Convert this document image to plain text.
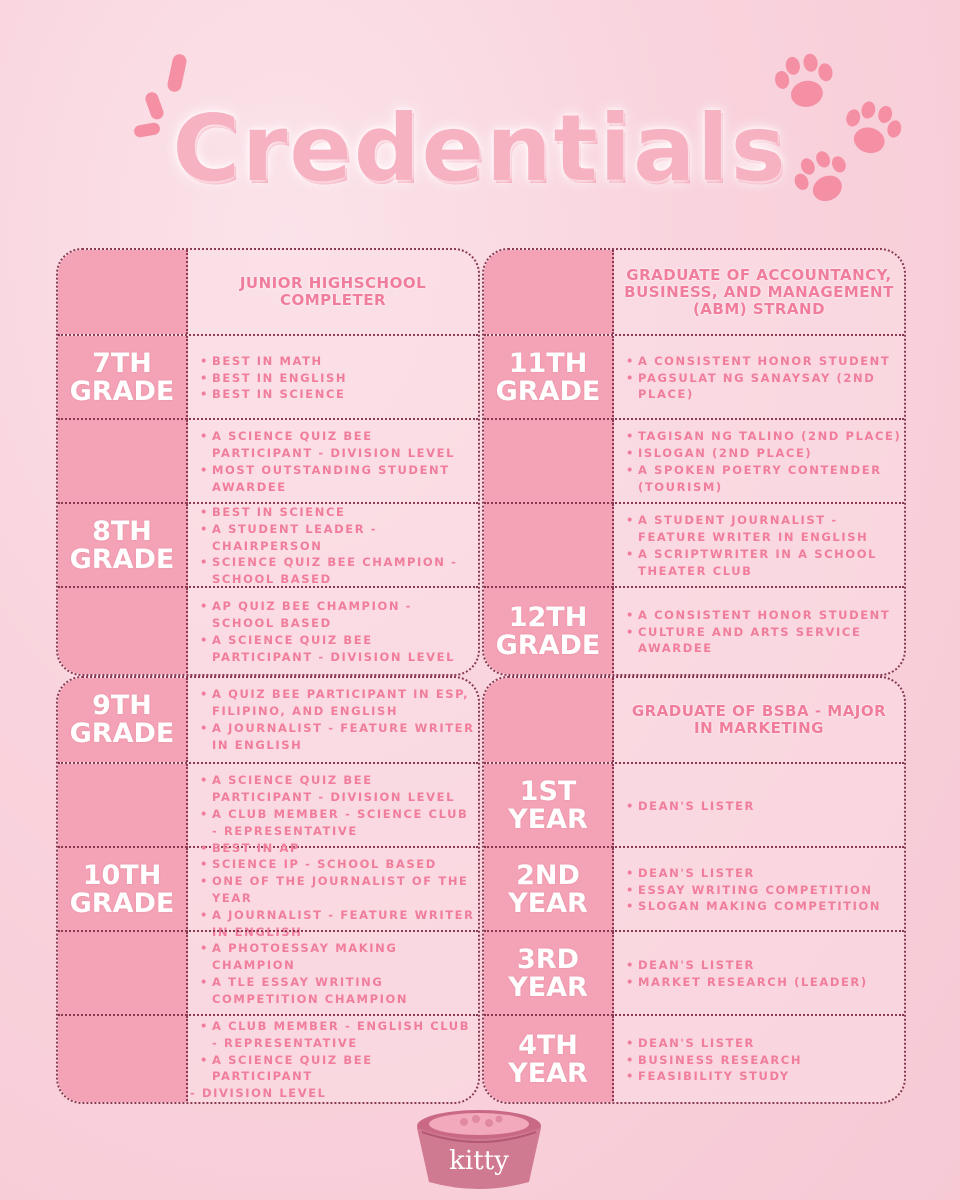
Credentials
JUNIOR HIGHSCHOOL COMPLETER
7TH GRADE
• BEST IN MATH
• BEST IN ENGLISH
• BEST IN SCIENCE
• A SCIENCE QUIZ BEE PARTICIPANT - DIVISION LEVEL
• MOST OUTSTANDING STUDENT AWARDEE
8TH GRADE
• BEST IN SCIENCE
• A STUDENT LEADER - CHAIRPERSON
• SCIENCE QUIZ BEE CHAMPION - SCHOOL BASED
• AP QUIZ BEE CHAMPION - SCHOOL BASED
• A SCIENCE QUIZ BEE PARTICIPANT - DIVISION LEVEL
9TH GRADE
• A QUIZ BEE PARTICIPANT IN ESP, FILIPINO, AND ENGLISH
• A JOURNALIST - FEATURE WRITER IN ENGLISH
• A SCIENCE QUIZ BEE PARTICIPANT - DIVISION LEVEL
• A CLUB MEMBER - SCIENCE CLUB - REPRESENTATIVE
10TH GRADE
• BEST IN AP
• SCIENCE IP - SCHOOL BASED
• ONE OF THE JOURNALIST OF THE YEAR
• A JOURNALIST - FEATURE WRITER IN ENGLISH
• A PHOTOESSAY MAKING CHAMPION
• A TLE ESSAY WRITING COMPETITION CHAMPION
• A CLUB MEMBER - ENGLISH CLUB - REPRESENTATIVE
• A SCIENCE QUIZ BEE PARTICIPANT
- DIVISION LEVEL
GRADUATE OF ACCOUNTANCY, BUSINESS, AND MANAGEMENT (ABM) STRAND
11TH GRADE
• A CONSISTENT HONOR STUDENT
• PAGSULAT NG SANAYSAY (2ND PLACE)
• TAGISAN NG TALINO (2ND PLACE)
• ISLOGAN (2ND PLACE)
• A SPOKEN POETRY CONTENDER (TOURISM)
• A STUDENT JOURNALIST - FEATURE WRITER IN ENGLISH
• A SCRIPTWRITER IN A SCHOOL THEATER CLUB
12TH GRADE
• A CONSISTENT HONOR STUDENT
• CULTURE AND ARTS SERVICE AWARDEE
GRADUATE OF BSBA - MAJOR IN MARKETING
1ST YEAR
•	DEAN'S LISTER
2ND YEAR
• DEAN'S LISTER
• ESSAY WRITING COMPETITION
• SLOGAN MAKING COMPETITION
3RD YEAR
• DEAN'S LISTER
• MARKET RESEARCH (LEADER)
4TH YEAR
• DEAN'S LISTER
• BUSINESS RESEARCH
• FEASIBILITY STUDY
kitty
